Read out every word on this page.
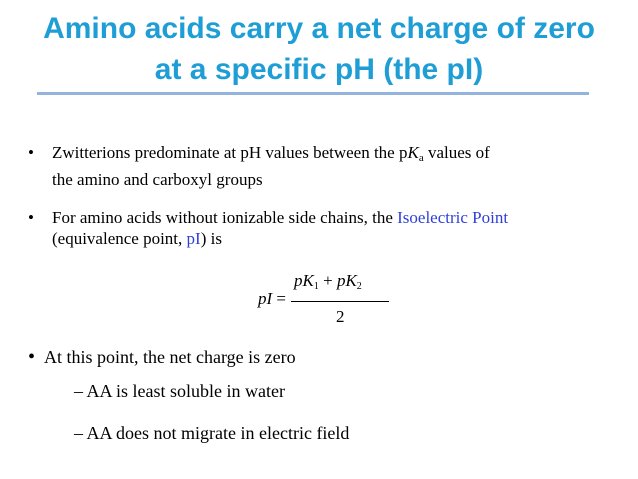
Amino acids carry a net charge of zero
at a specific pH (the pI)
• Zwitterions predominate at pH values between the $pK_a$ values of
the amino and carboxyl groups
• For amino acids without ionizable side chains, the Isoelectric Point
(equivalence point, pI) is
pI =
pK1 + pK2
2
• At this point, the net charge is zero
– AA is least soluble in water
– AA does not migrate in electric field
